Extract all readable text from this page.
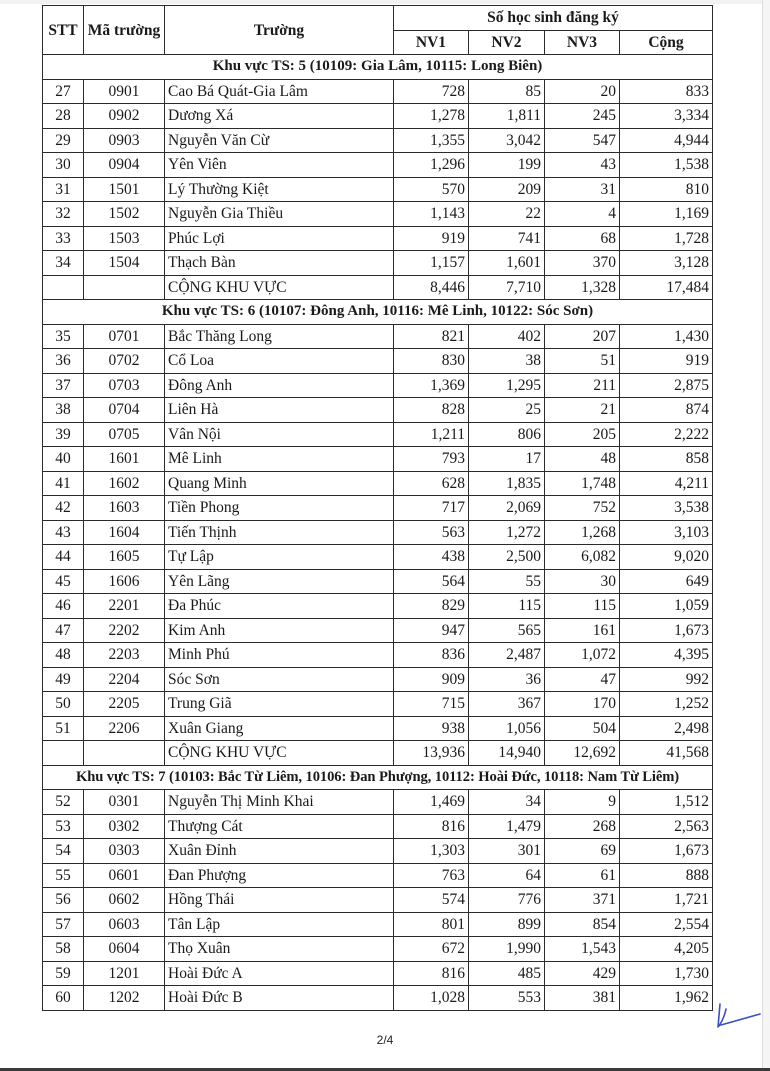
STT	Mã trường	Trường	Số học sinh đăng ký			
			NV1	NV2	NV3	Cộng
Khu vực TS: 5 (10109: Gia Lâm, 10115: Long Biên)						
27	0901	Cao Bá Quát-Gia Lâm	728	85	20	833
28	0902	Dương Xá	1,278	1,811	245	3,334
29	0903	Nguyễn Văn Cừ	1,355	3,042	547	4,944
30	0904	Yên Viên	1,296	199	43	1,538
31	1501	Lý Thường Kiệt	570	209	31	810
32	1502	Nguyễn Gia Thiều	1,143	22	4	1,169
33	1503	Phúc Lợi	919	741	68	1,728
34	1504	Thạch Bàn	1,157	1,601	370	3,128
		CỘNG KHU VỰC	8,446	7,710	1,328	17,484
Khu vực TS: 6 (10107: Đông Anh, 10116: Mê Linh, 10122: Sóc Sơn)						
35	0701	Bắc Thăng Long	821	402	207	1,430
36	0702	Cổ Loa	830	38	51	919
37	0703	Đông Anh	1,369	1,295	211	2,875
38	0704	Liên Hà	828	25	21	874
39	0705	Vân Nội	1,211	806	205	2,222
40	1601	Mê Linh	793	17	48	858
41	1602	Quang Minh	628	1,835	1,748	4,211
42	1603	Tiền Phong	717	2,069	752	3,538
43	1604	Tiến Thịnh	563	1,272	1,268	3,103
44	1605	Tự Lập	438	2,500	6,082	9,020
45	1606	Yên Lãng	564	55	30	649
46	2201	Đa Phúc	829	115	115	1,059
47	2202	Kim Anh	947	565	161	1,673
48	2203	Minh Phú	836	2,487	1,072	4,395
49	2204	Sóc Sơn	909	36	47	992
50	2205	Trung Giã	715	367	170	1,252
51	2206	Xuân Giang	938	1,056	504	2,498
		CỘNG KHU VỰC	13,936	14,940	12,692	41,568
Khu vực TS: 7 (10103: Bắc Từ Liêm, 10106: Đan Phượng, 10112: Hoài Đức, 10118: Nam Từ Liêm)						
52	0301	Nguyễn Thị Minh Khai	1,469	34	9	1,512
53	0302	Thượng Cát	816	1,479	268	2,563
54	0303	Xuân Đỉnh	1,303	301	69	1,673
55	0601	Đan Phượng	763	64	61	888
56	0602	Hồng Thái	574	776	371	1,721
57	0603	Tân Lập	801	899	854	2,554
58	0604	Thọ Xuân	672	1,990	1,543	4,205
59	1201	Hoài Đức A	816	485	429	1,730
60	1202	Hoài Đức B	1,028	553	381	1,962
2/4
